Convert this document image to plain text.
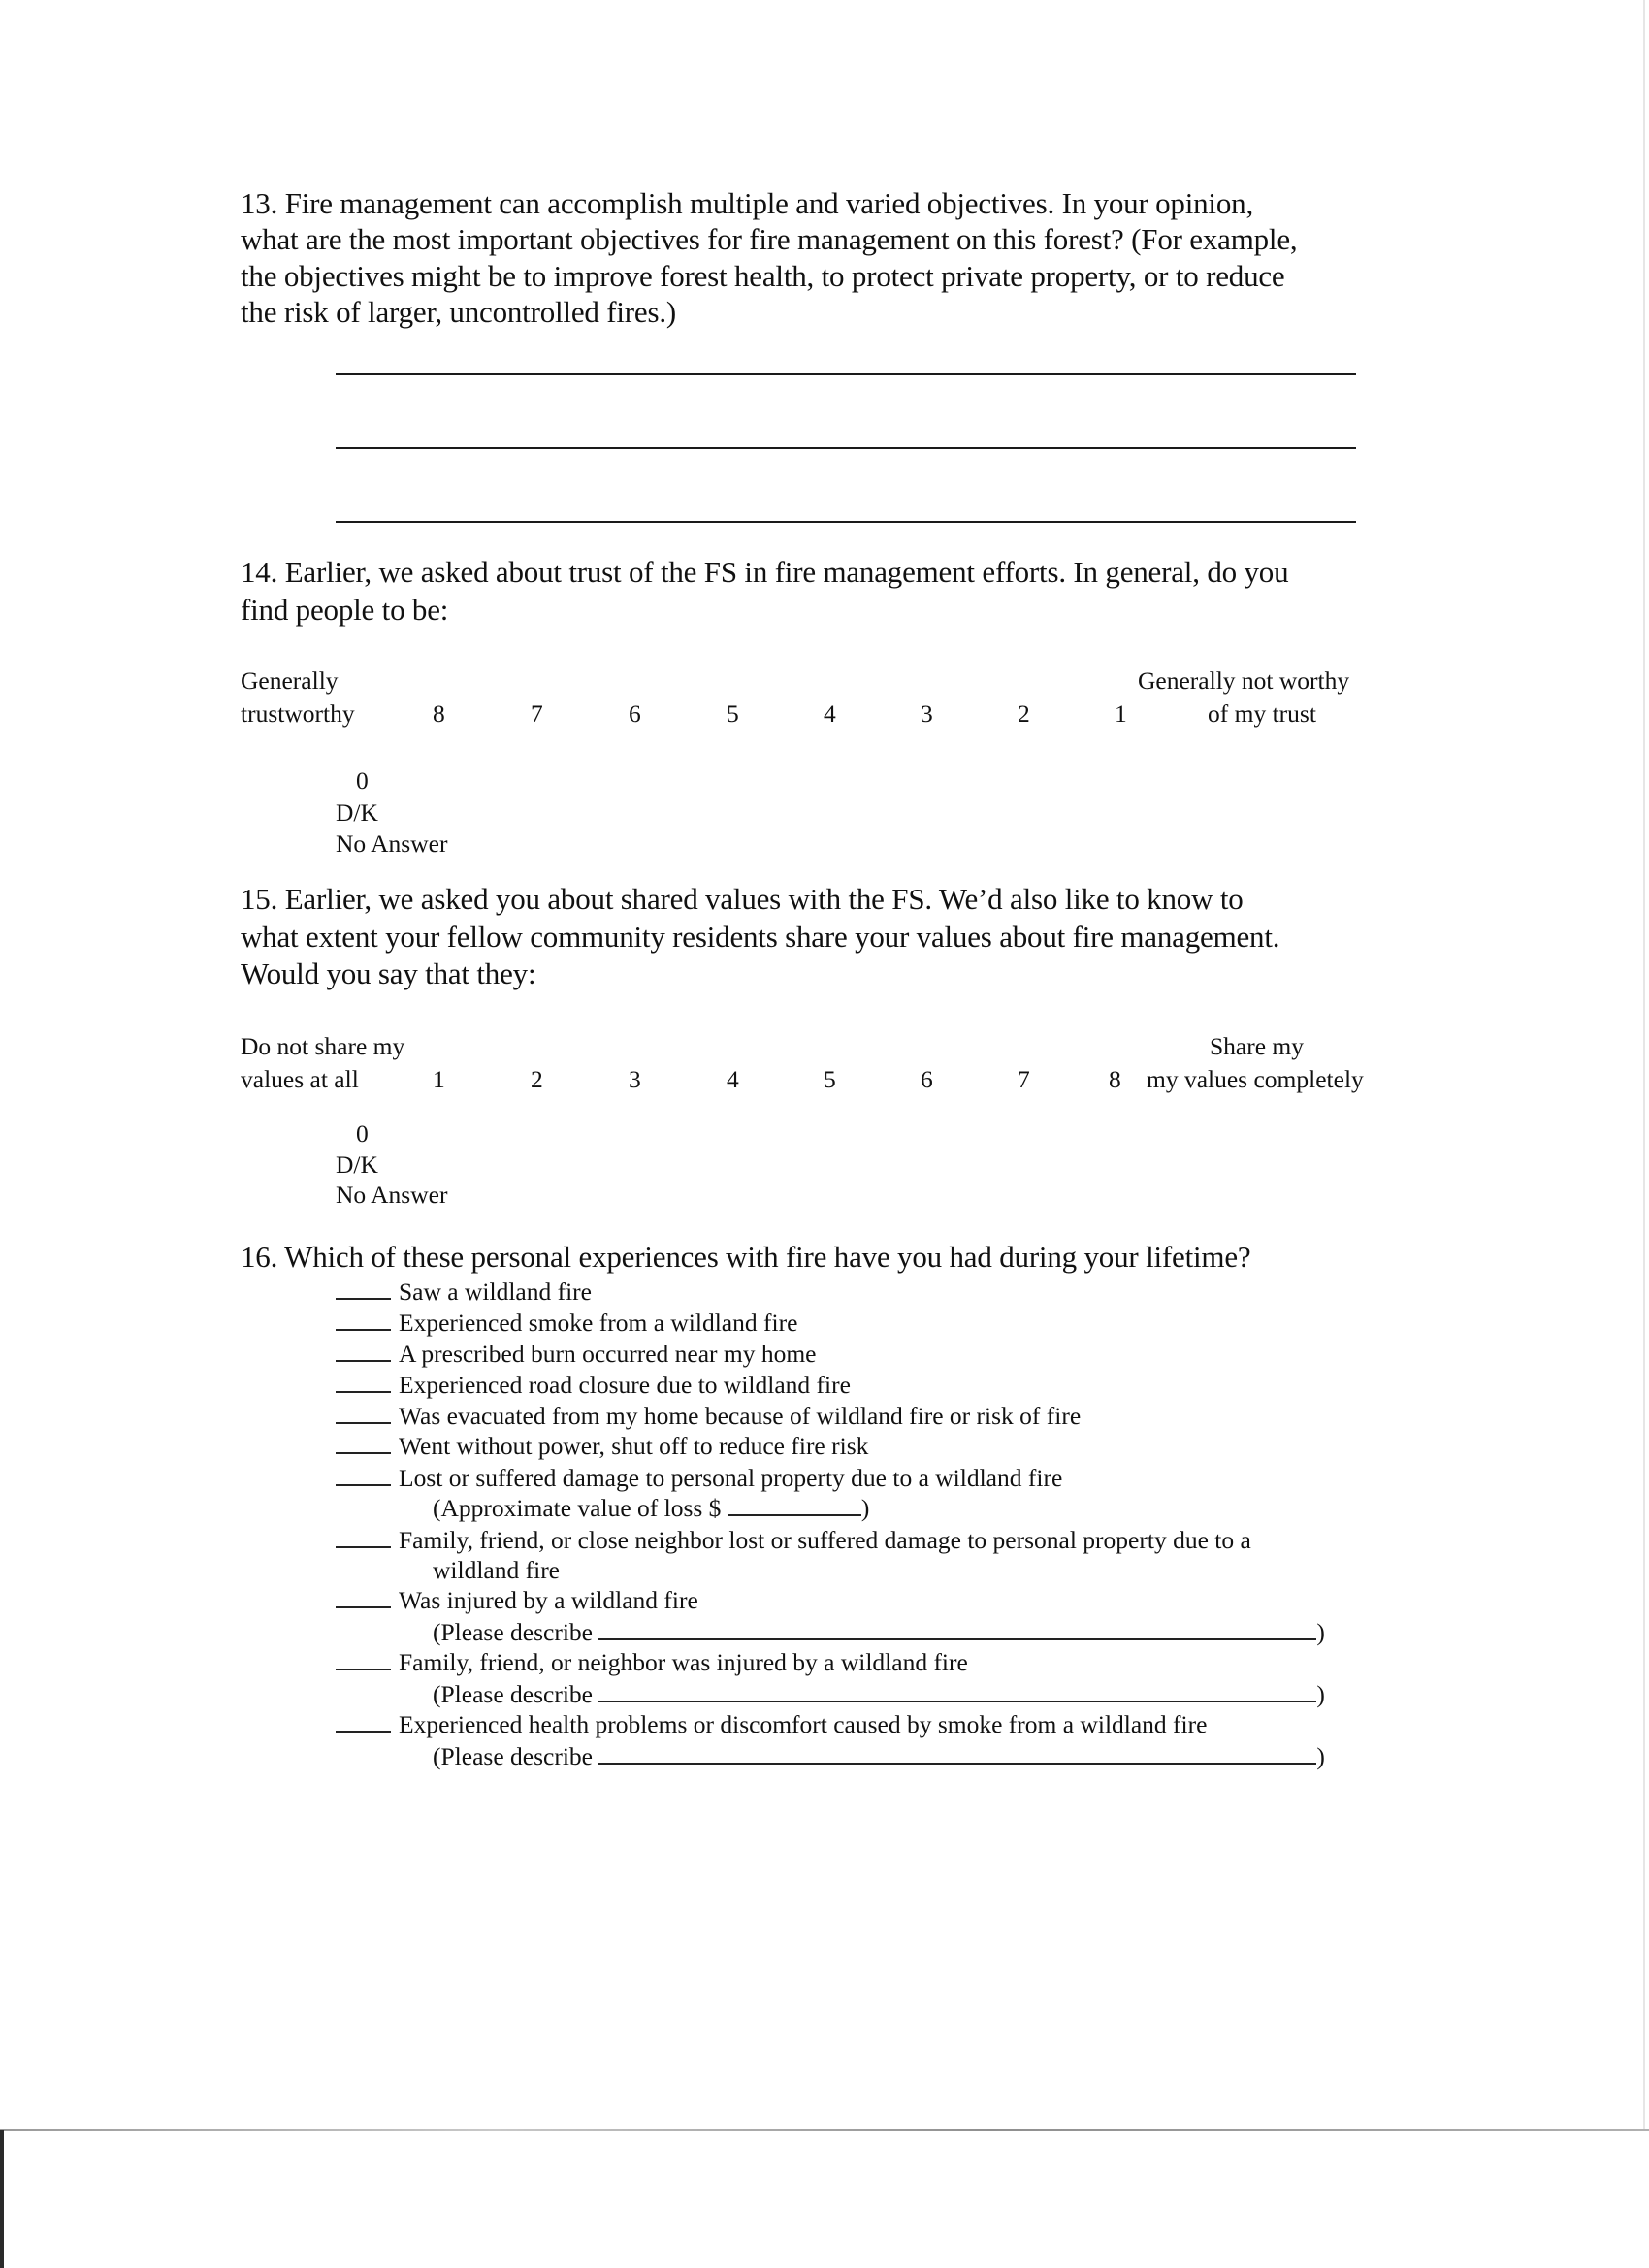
13. Fire management can accomplish multiple and varied objectives. In your opinion,
what are the most important objectives for fire management on this forest? (For example,
the objectives might be to improve forest health, to protect private property, or to reduce
the risk of larger, uncontrolled fires.)
14. Earlier, we asked about trust of the FS in fire management efforts. In general, do you
find people to be:
Generally
trustworthy	8	7	6	5	4	3	2	1
Generally not worthy
of my trust
0
D/K
No Answer
15. Earlier, we asked you about shared values with the FS. We’d also like to know to
what extent your fellow community residents share your values about fire management.
Would you say that they:
Do not share my
values at all	1	2	3	4	5	6	7	8
Share my
my values completely
0
D/K
No Answer
16. Which of these personal experiences with fire have you had during your lifetime?
Saw a wildland fire
Experienced smoke from a wildland fire
A prescribed burn occurred near my home
Experienced road closure due to wildland fire
Was evacuated from my home because of wildland fire or risk of fire
Went without power, shut off to reduce fire risk
Lost or suffered damage to personal property due to a wildland fire
(Approximate value of loss $	)
Family, friend, or close neighbor lost or suffered damage to personal property due to a
wildland fire
Was injured by a wildland fire
(Please describe	)
Family, friend, or neighbor was injured by a wildland fire
(Please describe	)
Experienced health problems or discomfort caused by smoke from a wildland fire
(Please describe	)
